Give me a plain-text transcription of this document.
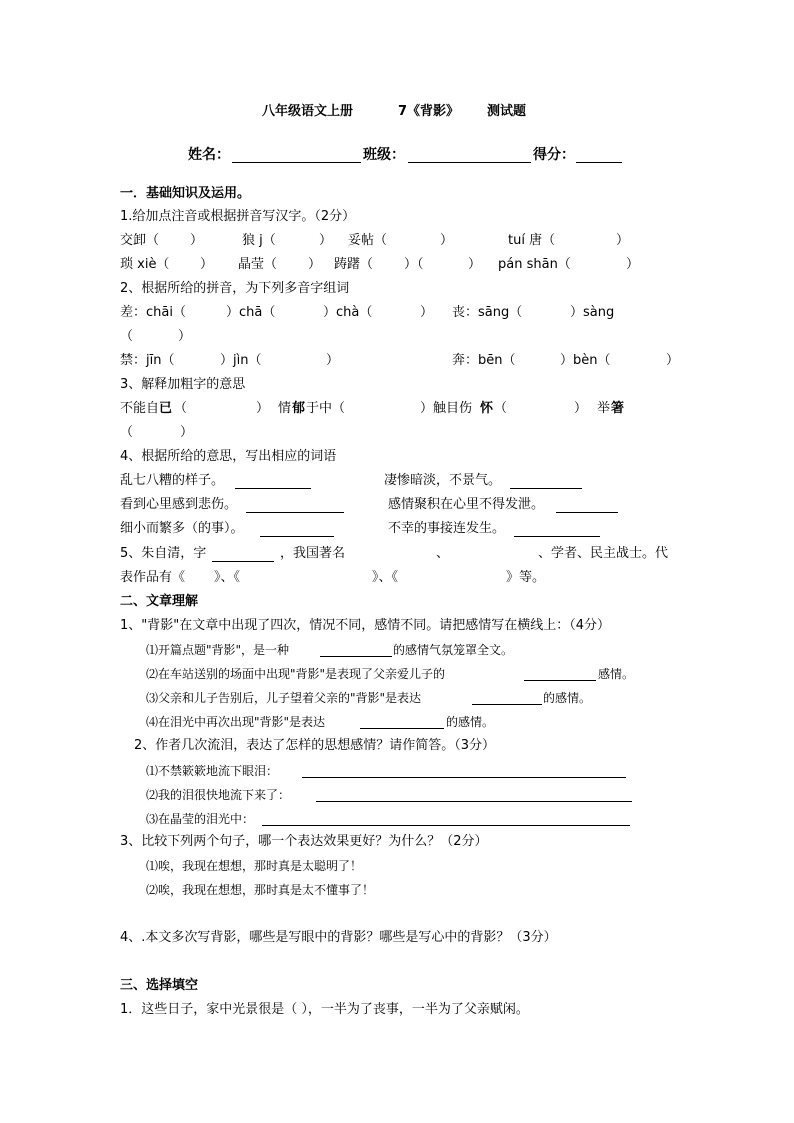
八年级语文上册	7《背影》 测试题
姓名：	班级：	得分：
一．基础知识及运用。
1.给加点注音或根据拼音写汉字。（2分）
交卸（ ）	狼 j（	） 妥帖（	）	tuí 唐（	）
琐 xiè（ ） 晶莹（ ） 踌躇（ ）（	） pán shān（	）
2、根据所给的拼音，为下列多音字组词
差：chāi（	）chā（	）chà（	） 丧：sāng（	）sàng
（	）
禁：jīn（	）jìn（	）	奔：bēn（	）bèn（	）
3、解释加粗字的意思
不能自 已 （	） 情 郁 于中（	）触目伤 怀 （	） 举 箸
（	）
4、根据所给的意思，写出相应的词语
乱七八糟的样子。	凄惨暗淡，不景气。
看到心里感到悲伤。	感情聚积在心里不得发泄。
细小而繁多（的事）。	不幸的事接连发生。
5、朱自清，字	，我国著名	、	、学者、民主战士。代
表作品有《 》、《	》、《	》等。
二、文章理解
1、"背影"在文章中出现了四次，情况不同，感情不同。请把感情写在横线上：（4分）
⑴开篇点题"背影"，是一种	的感情气氛笼罩全文。
⑵在车站送别的场面中出现"背影"是表现了父亲爱儿子的	感情。
⑶父亲和儿子告别后，儿子望着父亲的"背影"是表达	的感情。
⑷在泪光中再次出现"背影"是表达	的感情。
2、作者几次流泪，表达了怎样的思想感情？请作简答。（3分）
⑴不禁簌簌地流下眼泪：
⑵我的泪很快地流下来了：
⑶在晶莹的泪光中：
3、比较下列两个句子，哪一个表达效果更好？为什么？（2分）
⑴唉，我现在想想，那时真是太聪明了！
⑵唉，我现在想想，那时真是太不懂事了！
4、.本文多次写背影，哪些是写眼中的背影？哪些是写心中的背影？（3分）
三、选择填空
1．这些日子，家中光景很是（ ），一半为了丧事，一半为了父亲赋闲。
